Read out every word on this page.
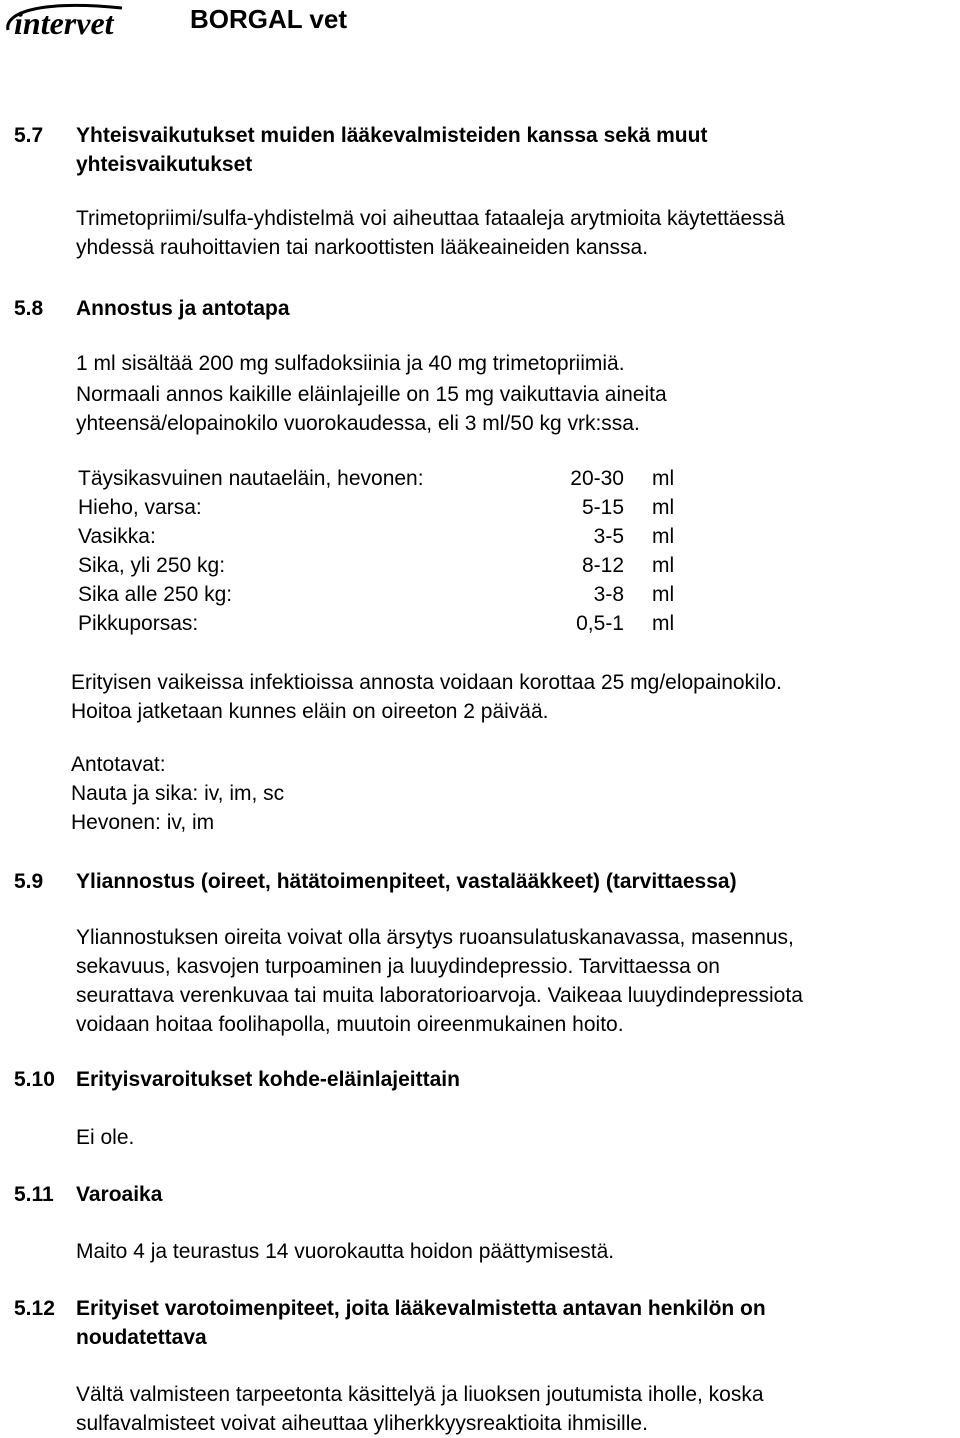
intervet	BORGAL vet
5.7 Yhteisvaikutukset muiden lääkevalmisteiden kanssa sekä muut
yhteisvaikutukset
Trimetopriimi/sulfa-yhdistelmä voi aiheuttaa fataaleja arytmioita käytettäessä
yhdessä rauhoittavien tai narkoottisten lääkeaineiden kanssa.
5.8 Annostus ja antotapa
1 ml sisältää 200 mg sulfadoksiinia ja 40 mg trimetopriimiä.
Normaali annos kaikille eläinlajeille on 15 mg vaikuttavia aineita
yhteensä/elopainokilo vuorokaudessa, eli 3 ml/50 kg vrk:ssa.
Täysikasvuinen nautaeläin, hevonen:	20-30 ml
Hieho, varsa:	5-15 ml
Vasikka:	3-5 ml
Sika, yli 250 kg:	8-12 ml
Sika alle 250 kg:	3-8 ml
Pikkuporsas:	0,5-1 ml
Erityisen vaikeissa infektioissa annosta voidaan korottaa 25 mg/elopainokilo.
Hoitoa jatketaan kunnes eläin on oireeton 2 päivää.
Antotavat:
Nauta ja sika: iv, im, sc
Hevonen: iv, im
5.9 Yliannostus (oireet, hätätoimenpiteet, vastalääkkeet) (tarvittaessa)
Yliannostuksen oireita voivat olla ärsytys ruoansulatuskanavassa, masennus,
sekavuus, kasvojen turpoaminen ja luuydindepressio. Tarvittaessa on
seurattava verenkuvaa tai muita laboratorioarvoja. Vaikeaa luuydindepressiota
voidaan hoitaa foolihapolla, muutoin oireenmukainen hoito.
5.10 Erityisvaroitukset kohde-eläinlajeittain
Ei ole.
5.11 Varoaika
Maito 4 ja teurastus 14 vuorokautta hoidon päättymisestä.
5.12 Erityiset varotoimenpiteet, joita lääkevalmistetta antavan henkilön on
noudatettava
Vältä valmisteen tarpeetonta käsittelyä ja liuoksen joutumista iholle, koska
sulfavalmisteet voivat aiheuttaa yliherkkyysreaktioita ihmisille.
